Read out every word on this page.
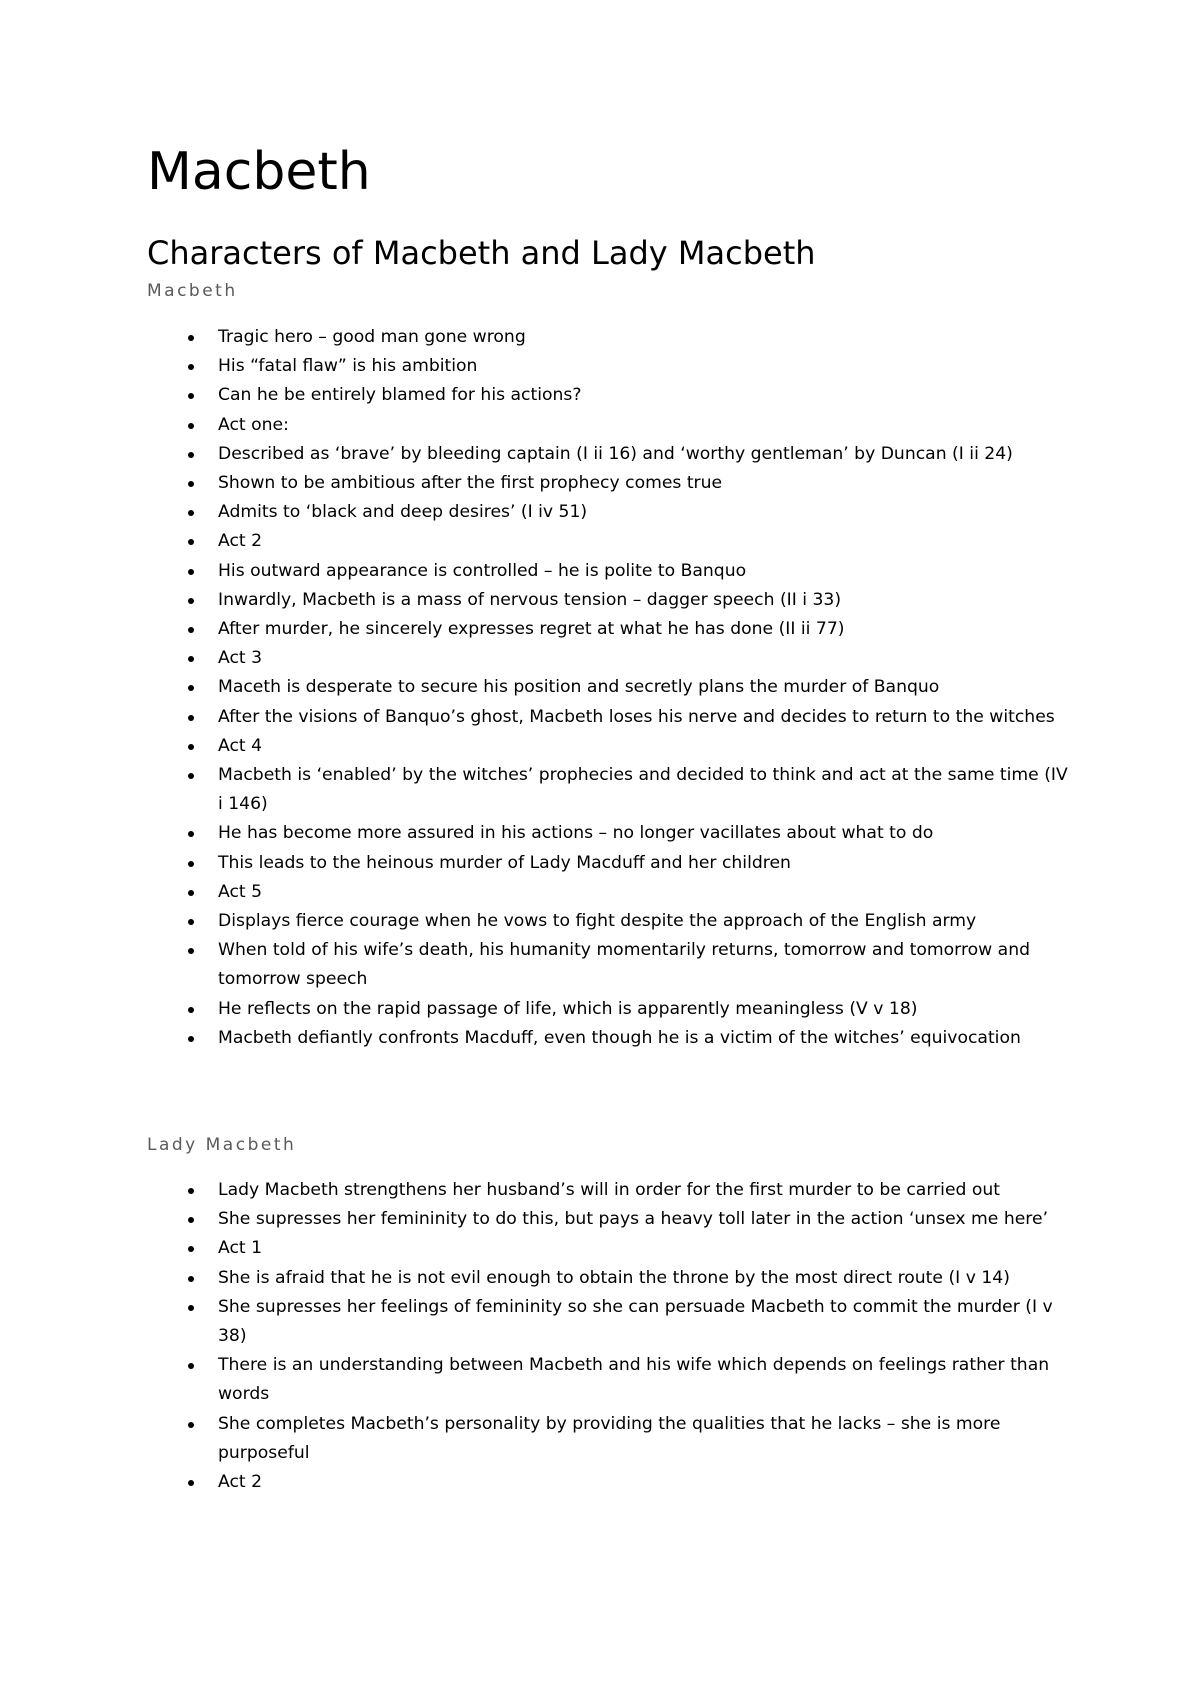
Macbeth
Characters of Macbeth and Lady Macbeth
Macbeth
Tragic hero – good man gone wrong
His “fatal flaw” is his ambition
Can he be entirely blamed for his actions?
Act one:
Described as ‘brave’ by bleeding captain (I ii 16) and ‘worthy gentleman’ by Duncan (I ii 24)
Shown to be ambitious after the first prophecy comes true
Admits to ‘black and deep desires’ (I iv 51)
Act 2
His outward appearance is controlled – he is polite to Banquo
Inwardly, Macbeth is a mass of nervous tension – dagger speech (II i 33)
After murder, he sincerely expresses regret at what he has done (II ii 77)
Act 3
Maceth is desperate to secure his position and secretly plans the murder of Banquo
After the visions of Banquo’s ghost, Macbeth loses his nerve and decides to return to the witches
Act 4
Macbeth is ‘enabled’ by the witches’ prophecies and decided to think and act at the same time (IV i 146)
He has become more assured in his actions – no longer vacillates about what to do
This leads to the heinous murder of Lady Macduff and her children
Act 5
Displays fierce courage when he vows to fight despite the approach of the English army
When told of his wife’s death, his humanity momentarily returns, tomorrow and tomorrow and tomorrow speech
He reflects on the rapid passage of life, which is apparently meaningless (V v 18)
Macbeth defiantly confronts Macduff, even though he is a victim of the witches’ equivocation
Lady Macbeth
Lady Macbeth strengthens her husband’s will in order for the first murder to be carried out
She supresses her femininity to do this, but pays a heavy toll later in the action ‘unsex me here’
Act 1
She is afraid that he is not evil enough to obtain the throne by the most direct route (I v 14)
She supresses her feelings of femininity so she can persuade Macbeth to commit the murder (I v 38)
There is an understanding between Macbeth and his wife which depends on feelings rather than words
She completes Macbeth’s personality by providing the qualities that he lacks – she is more purposeful
Act 2
